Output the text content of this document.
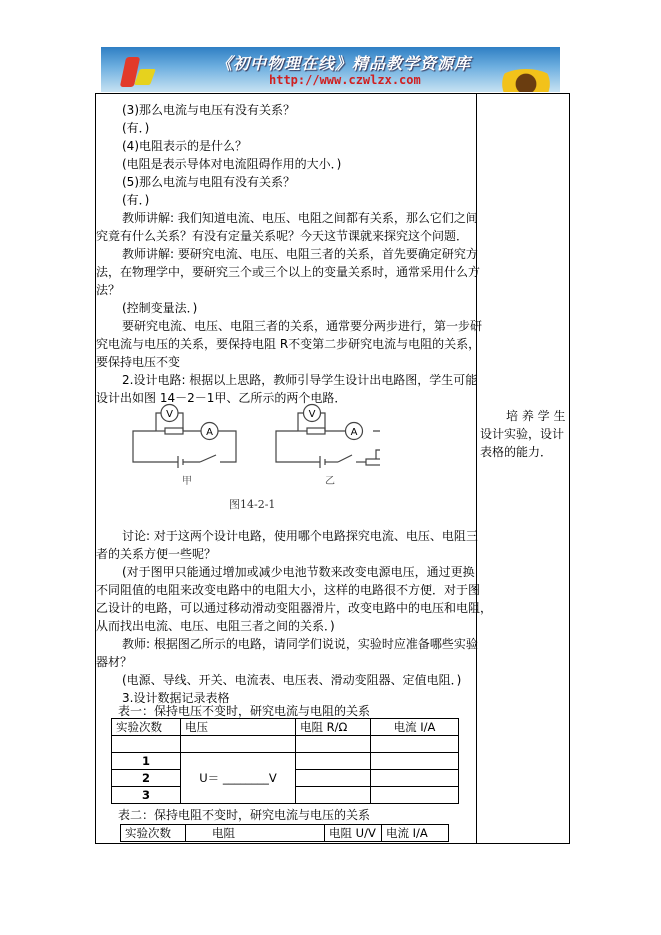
《初中物理在线》精品教学资源库
http://www.czwlzx.com
(3)那么电流与电压有没有关系？
(有．)
(4)电阻表示的是什么？
(电阻是表示导体对电流阻碍作用的大小．)
(5)那么电流与电阻有没有关系？
(有．)
教师讲解: 我们知道电流、电压、电阻之间都有关系，那么它们之间
究竟有什么关系？有没有定量关系呢？今天这节课就来探究这个问题．
教师讲解: 要研究电流、电压、电阻三者的关系，首先要确定研究方
法，在物理学中，要研究三个或三个以上的变量关系时，通常采用什么方
法？
(控制变量法．)
要研究电流、电压、电阻三者的关系，通常要分两步进行，第一步研
究电流与电压的关系，要保持电阻 R不变第二步研究电流与电阻的关系，
要保持电压不变
2.设计电路: 根据以上思路，教师引导学生设计出电路图，学生可能
设计出如图 14－2－1甲、乙所示的两个电路．
讨论: 对于这两个设计电路，使用哪个电路探究电流、电压、电阻三
者的关系方便一些呢？
(对于图甲只能通过增加或减少电池节数来改变电源电压，通过更换
不同阻值的电阻来改变电路中的电阻大小，这样的电路很不方便．对于图
乙设计的电路，可以通过移动滑动变阻器滑片，改变电路中的电压和电阻，
从而找出电流、电压、电阻三者之间的关系．)
教师: 根据图乙所示的电路，请同学们说说，实验时应准备哪些实验
器材？
(电源、导线、开关、电流表、电压表、滑动变阻器、定值电阻．)
3.设计数据记录表格
V
A
V
A
甲	乙
图14-2-1
培 养 学 生
设计实验，设计
表格的能力．
表一：保持电压不变时，研究电流与电阻的关系
实验次数	电压	电阻 R/Ω	电流 I/A

1	U＝ ________V		
2			
3			
表二：保持电阻不变时，研究电流与电压的关系
实验次数	电阻	电阻 U/V	电流 I/A
